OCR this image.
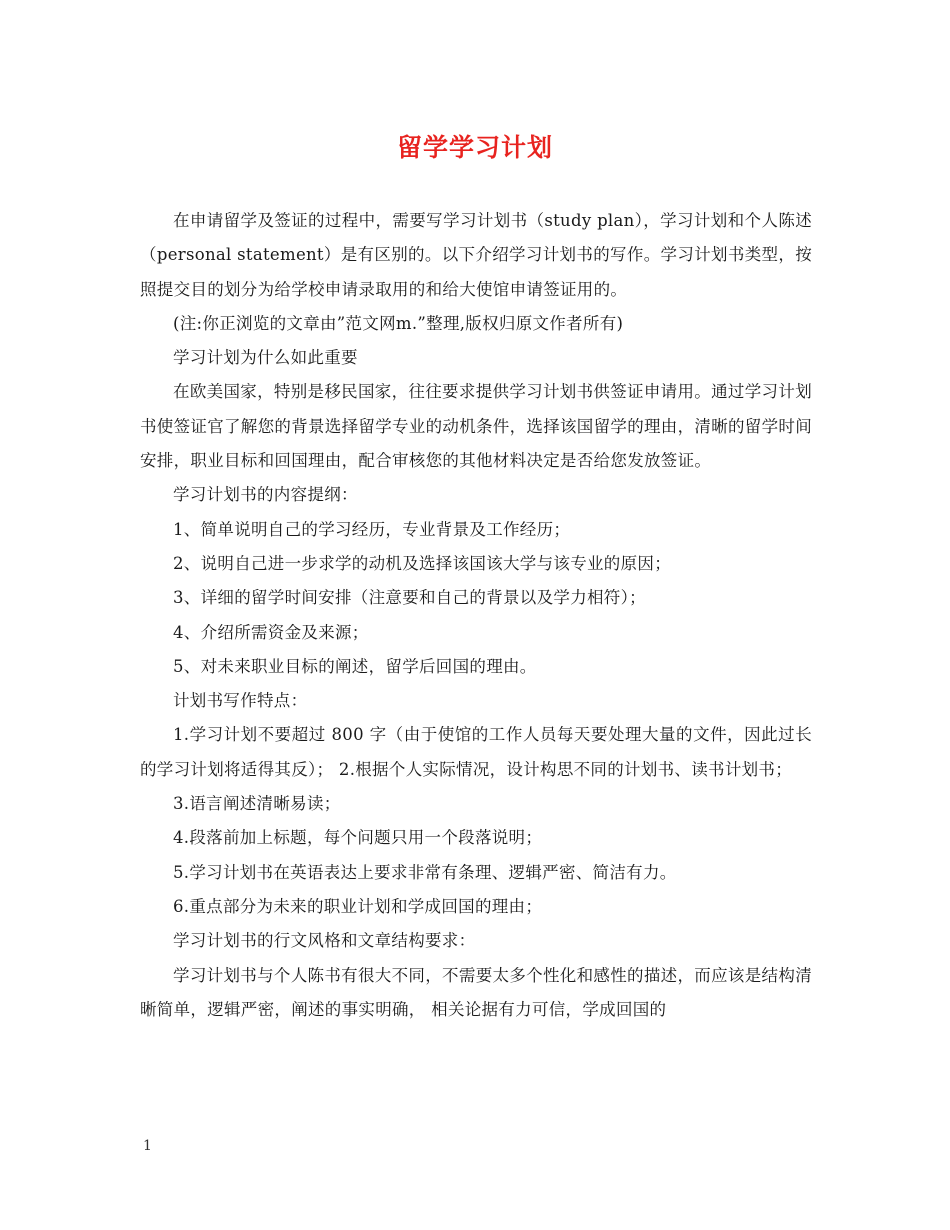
留学学习计划

在申请留学及签证的过程中，需要写学习计划书（study plan），学习计划和个人陈述（personal statement）是有区别的。以下介绍学习计划书的写作。学习计划书类型，按照提交目的划分为给学校申请录取用的和给大使馆申请签证用的。

(注:你正浏览的文章由”范文网m.”整理,版权归原文作者所有)

学习计划为什么如此重要

在欧美国家，特别是移民国家，往往要求提供学习计划书供签证申请用。通过学习计划书使签证官了解您的背景选择留学专业的动机条件，选择该国留学的理由，清晰的留学时间安排，职业目标和回国理由，配合审核您的其他材料决定是否给您发放签证。

学习计划书的内容提纲：

1、简单说明自己的学习经历，专业背景及工作经历；

2、说明自己进一步求学的动机及选择该国该大学与该专业的原因；

3、详细的留学时间安排（注意要和自己的背景以及学力相符）；

4、介绍所需资金及来源；

5、对未来职业目标的阐述，留学后回国的理由。

计划书写作特点：

1.学习计划不要超过 800 字（由于使馆的工作人员每天要处理大量的文件，因此过长的学习计划将适得其反）； 2.根据个人实际情况，设计构思不同的计划书、读书计划书；

3.语言阐述清晰易读；

4.段落前加上标题，每个问题只用一个段落说明；

5.学习计划书在英语表达上要求非常有条理、逻辑严密、简洁有力。

6.重点部分为未来的职业计划和学成回国的理由；

学习计划书的行文风格和文章结构要求：

学习计划书与个人陈书有很大不同，不需要太多个性化和感性的描述，而应该是结构清晰简单，逻辑严密，阐述的事实明确， 相关论据有力可信，学成回国的

1
